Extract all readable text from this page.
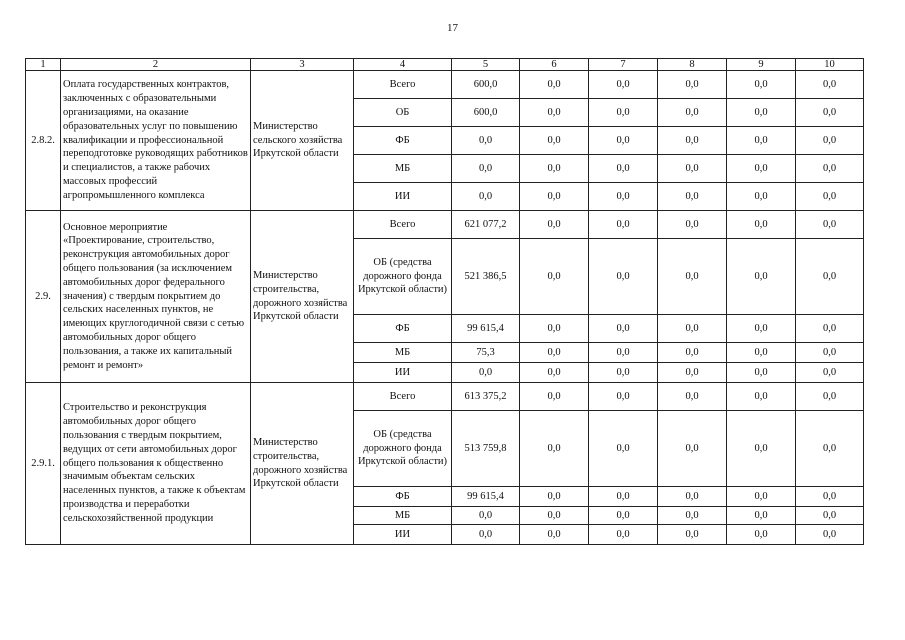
17
1	2	3	4	5	6	7	8	9	10
2.8.2.	Оплата государственных контрактов, заключенных с образовательными организациями, на оказание образовательных услуг по повышению квалификации и профессиональной переподготовке руководящих работников и специалистов, а также рабочих массовых профессий агропромышленного комплекса	Министерство сельского хозяйства Иркутской области	Всего	600,0	0,0	0,0	0,0	0,0	0,0
			ОБ	600,0	0,0	0,0	0,0	0,0	0,0
			ФБ	0,0	0,0	0,0	0,0	0,0	0,0
			МБ	0,0	0,0	0,0	0,0	0,0	0,0
			ИИ	0,0	0,0	0,0	0,0	0,0	0,0
2.9.	Основное мероприятие «Проектирование, строительство, реконструкция автомобильных дорог общего пользования (за исключением автомобильных дорог федерального значения) с твердым покрытием до сельских населенных пунктов, не имеющих круглогодичной связи с сетью автомобильных дорог общего пользования, а также их капитальный ремонт и ремонт»	Министерство строительства, дорожного хозяйства Иркутской области	Всего	621 077,2	0,0	0,0	0,0	0,0	0,0
			ОБ (средства дорожного фонда Иркутской области)	521 386,5	0,0	0,0	0,0	0,0	0,0
			ФБ	99 615,4	0,0	0,0	0,0	0,0	0,0
			МБ	75,3	0,0	0,0	0,0	0,0	0,0
			ИИ	0,0	0,0	0,0	0,0	0,0	0,0
2.9.1.	Строительство и реконструкция автомобильных дорог общего пользования с твердым покрытием, ведущих от сети автомобильных дорог общего пользования к общественно значимым объектам сельских населенных пунктов, а также к объектам производства и переработки сельскохозяйственной продукции	Министерство строительства, дорожного хозяйства Иркутской области	Всего	613 375,2	0,0	0,0	0,0	0,0	0,0
			ОБ (средства дорожного фонда Иркутской области)	513 759,8	0,0	0,0	0,0	0,0	0,0
			ФБ	99 615,4	0,0	0,0	0,0	0,0	0,0
			МБ	0,0	0,0	0,0	0,0	0,0	0,0
			ИИ	0,0	0,0	0,0	0,0	0,0	0,0
